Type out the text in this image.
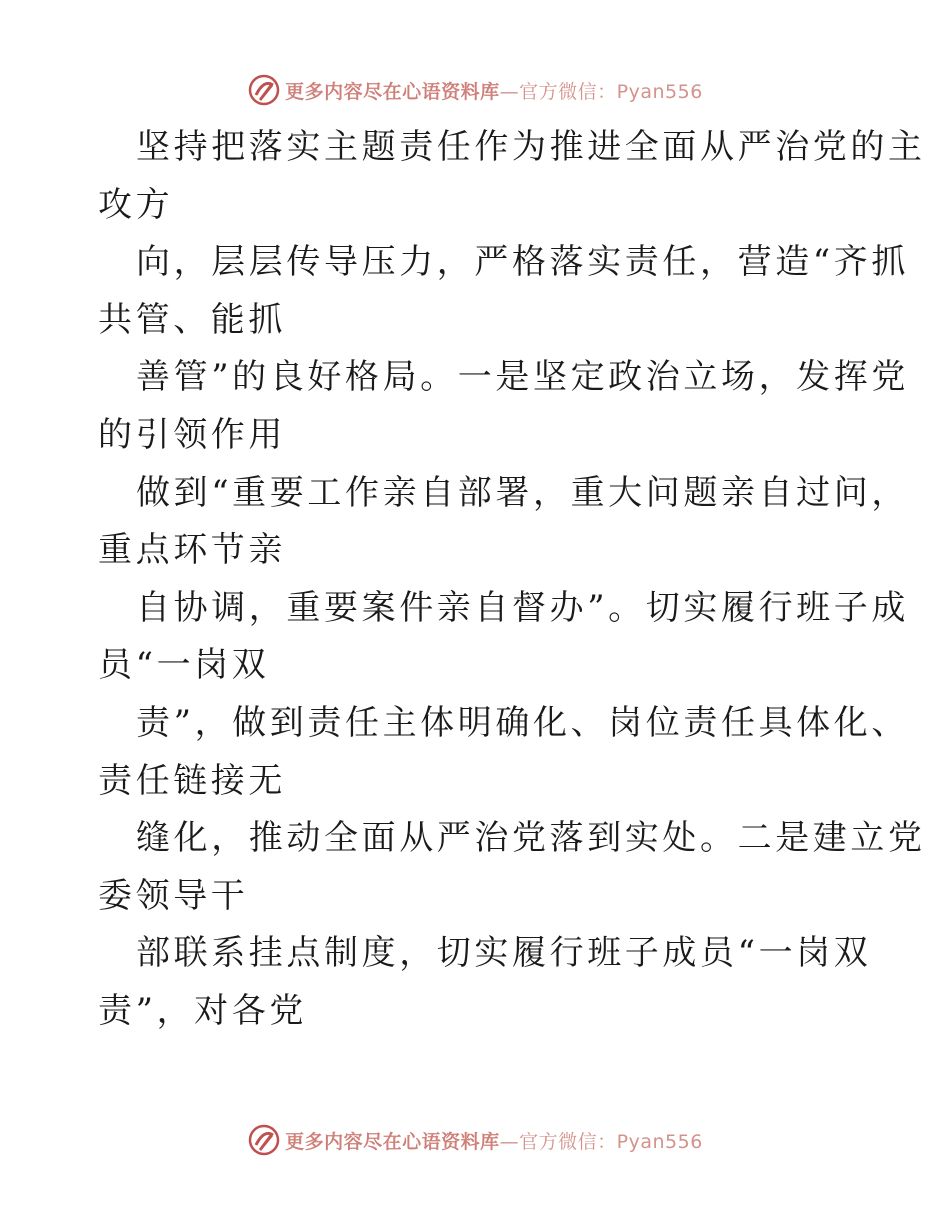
更多内容尽在心语资料库—官方微信：Pyan556
坚持把落实主题责任作为推进全面从严治党的主
攻方
向，层层传导压力，严格落实责任，营造“齐抓
共管、能抓
善管”的良好格局。一是坚定政治立场，发挥党
的引领作用
做到“重要工作亲自部署，重大问题亲自过问，
重点环节亲
自协调，重要案件亲自督办”。切实履行班子成
员“一岗双
责”，做到责任主体明确化、岗位责任具体化、
责任链接无
缝化，推动全面从严治党落到实处。二是建立党
委领导干
部联系挂点制度，切实履行班子成员“一岗双
责”，对各党
更多内容尽在心语资料库—官方微信：Pyan556
